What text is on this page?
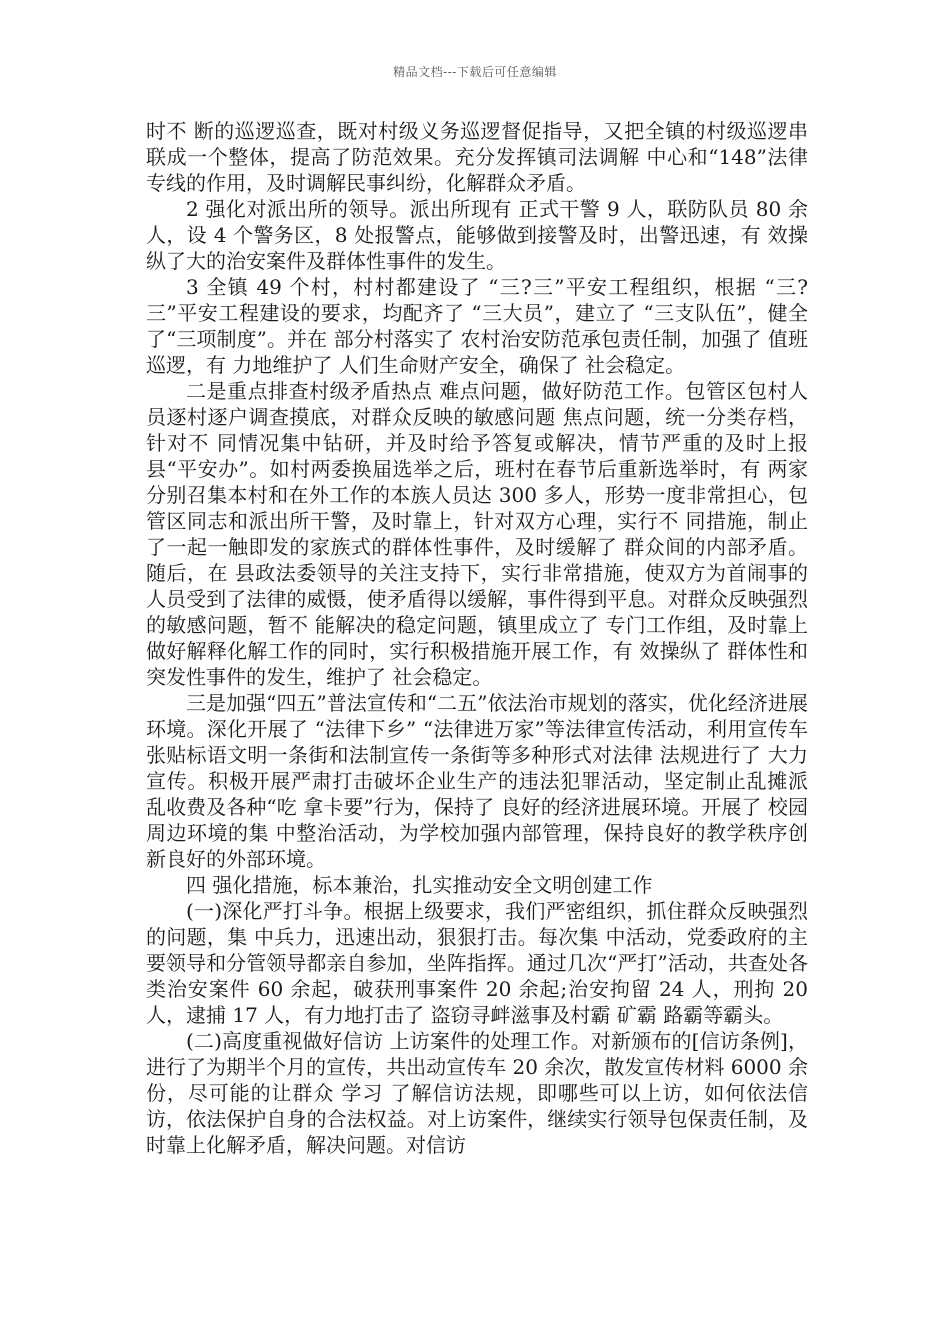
精品文档---下载后可任意编辑

时不 断的巡逻巡查，既对村级义务巡逻督促指导，又把全镇的村级巡逻串联成一个整体，提高了防范效果。充分发挥镇司法调解 中心和“148”法律专线的作用，及时调解民事纠纷，化解群众矛盾。

2 强化对派出所的领导。派出所现有 正式干警 9 人，联防队员 80 余人，设 4 个警务区，8 处报警点，能够做到接警及时，出警迅速，有 效操纵了大的治安案件及群体性事件的发生。

3 全镇 49 个村，村村都建设了 “三?三”平安工程组织，根据 “三?三”平安工程建设的要求，均配齐了 “三大员”，建立了 “三支队伍”，健全了“三项制度”。并在 部分村落实了 农村治安防范承包责任制，加强了 值班巡逻，有 力地维护了 人们生命财产安全，确保了 社会稳定。

二是重点排查村级矛盾热点 难点问题，做好防范工作。包管区包村人员逐村逐户调查摸底，对群众反映的敏感问题 焦点问题，统一分类存档，针对不 同情况集中钻研，并及时给予答复或解决，情节严重的及时上报县“平安办”。如村两委换届选举之后，班村在春节后重新选举时，有 两家分别召集本村和在外工作的本族人员达 300 多人，形势一度非常担心，包管区同志和派出所干警，及时靠上，针对双方心理，实行不 同措施，制止了一起一触即发的家族式的群体性事件，及时缓解了 群众间的内部矛盾。随后，在 县政法委领导的关注支持下，实行非常措施，使双方为首闹事的人员受到了法律的威慑，使矛盾得以缓解，事件得到平息。对群众反映强烈的敏感问题，暂不 能解决的稳定问题，镇里成立了 专门工作组，及时靠上做好解释化解工作的同时，实行积极措施开展工作，有 效操纵了 群体性和突发性事件的发生，维护了 社会稳定。

三是加强“四五”普法宣传和“二五”依法治市规划的落实，优化经济进展环境。深化开展了 “法律下乡” “法律进万家”等法律宣传活动，利用宣传车 张贴标语文明一条街和法制宣传一条街等多种形式对法律 法规进行了 大力宣传。积极开展严肃打击破坏企业生产的违法犯罪活动，坚定制止乱摊派 乱收费及各种“吃 拿卡要”行为，保持了 良好的经济进展环境。开展了 校园周边环境的集 中整治活动，为学校加强内部管理，保持良好的教学秩序创新良好的外部环境。

四 强化措施，标本兼治，扎实推动安全文明创建工作

(一)深化严打斗争。根据上级要求，我们严密组织，抓住群众反映强烈的问题，集 中兵力，迅速出动，狠狠打击。每次集 中活动，党委政府的主要领导和分管领导都亲自参加，坐阵指挥。通过几次“严打”活动，共查处各类治安案件 60 余起，破获刑事案件 20 余起;治安拘留 24 人，刑拘 20 人，逮捕 17 人，有力地打击了 盗窃寻衅滋事及村霸 矿霸 路霸等霸头。

(二)高度重视做好信访 上访案件的处理工作。对新颁布的[信访条例]，进行了为期半个月的宣传，共出动宣传车 20 余次，散发宣传材料 6000 余份，尽可能的让群众 学习 了解信访法规，即哪些可以上访，如何依法信访，依法保护自身的合法权益。对上访案件，继续实行领导包保责任制，及时靠上化解矛盾，解决问题。对信访
